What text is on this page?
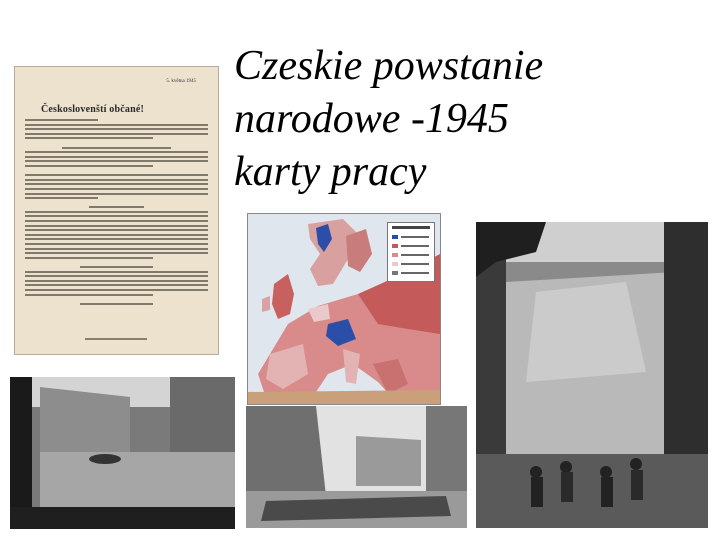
Czeskie powstanie
narodowe -1945
karty pracy
5. května 1945
Českoslovenští občané!
